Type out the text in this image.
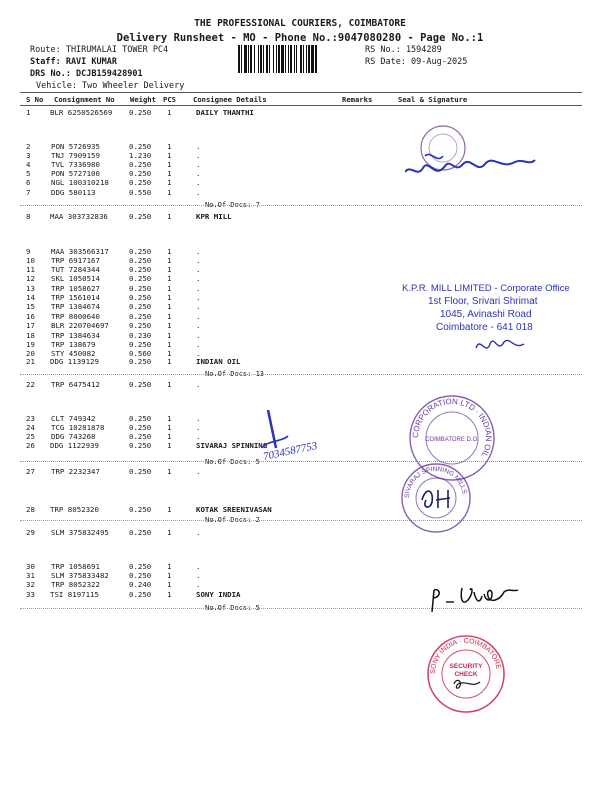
THE PROFESSIONAL COURIERS, COIMBATORE
Delivery Runsheet - MO - Phone No.:9047080280 - Page No.:1
Route: THIRUMALAI TOWER PC4
Staff: RAVI KUMAR
DRS No.: DCJB159428901
Vehicle: Two Wheeler Delivery
RS No.: 1594289
RS Date: 09-Aug-2025
S No Consignment No Weight PCS Consignee Details	Remarks	Seal & Signature
1	BLR 6250526569 0.250 1	DAILY THANTHI
2	PON 5726935	0.250 1	.
3	TNJ 7909159	1.230 1	.
4	TVL 7336980	0.250 1	.
5	PON 5727100	0.250 1	.
6	NGL 100310218	0.250 1	.
7	DDG 580113	0.550 1	.
No.Of Docs: 7
8	MAA 303732836	0.250 1	KPR MILL
9	MAA 303566317	0.250 1	.
10 TRP 6917167	0.250 1	.
11 TUT 7284344	0.250 1	.
12 SKL 1050514	0.250 1	.
13 TRP 1058627	0.250 1	.
14 TRP 1561014	0.250 1	.
15 TRP 1384674	0.250 1	.
16 TRP 8000640	0.250 1	.
17 BLR 220704697	0.250 1	.
18 TRP 1384634	0.230 1	.
19 TRP 138679	0.250 1	.
20 STY 450082	0.560 1	.
No.Of Docs: 13
21 DDG 1139129	0.250 1	INDIAN OIL
22 TRP 6475412	0.250 1	.
23 CLT 749342	0.250 1	.
24 TCG 10281878	0.250 1	.
25 DDG 743268	0.250 1	.
No.Of Docs: 5
26 DDG 1122939	0.250 1	SIVARAJ SPINNING
27 TRP 2232347	0.250 1	.
No.Of Docs: 2
28 TRP 8052320	0.250 1	KOTAK SREENIVASAN
29 SLM 375832495	0.250 1	.
30 TRP 1058691	0.250 1	.
31 SLM 375833482	0.250 1	.
32 TRP 8052322	0.240 1	.
No.Of Docs: 5
33 TSI 8197115	0.250 1	SONY INDIA
K.P.R. MILL LIMITED - Corporate Office
1st Floor, Srivari Shrimat
1045, Avinashi Road
Coimbatore - 641 018
7034587753
CORPORATION LTD · INDIAN OIL
COIMBATORE D.O.
SIVARAJ SPINNING MILLS
SONY INDIA · COIMBATORE
SECURITY
CHECK
